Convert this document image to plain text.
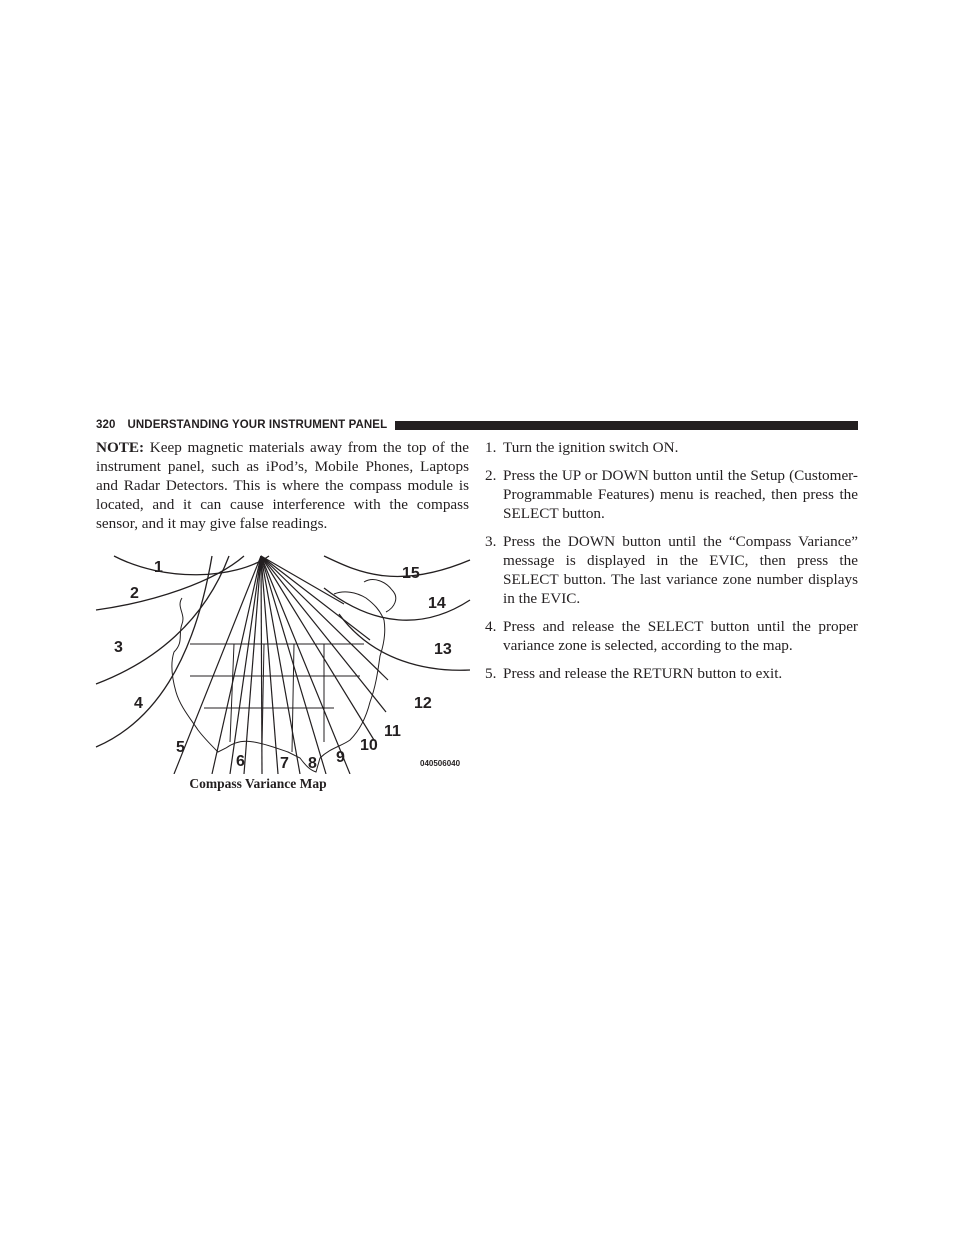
320 UNDERSTANDING YOUR INSTRUMENT PANEL

NOTE: Keep magnetic materials away from the top of the instrument panel, such as iPod’s, Mobile Phones, Laptops and Radar Detectors. This is where the compass module is located, and it can cause interference with the compass sensor, and it may give false readings.

1
2
3
4
5
6 7 8 9
10
11
12
13
14
15
040506040
Compass Variance Map
1. Turn the ignition switch ON.
2. Press the UP or DOWN button until the Setup (Customer-Programmable Features) menu is reached, then press the SELECT button.
3. Press the DOWN button until the “Compass Variance” message is displayed in the EVIC, then press the SELECT button. The last variance zone number displays in the EVIC.
4. Press and release the SELECT button until the proper variance zone is selected, according to the map.
5. Press and release the RETURN button to exit.
